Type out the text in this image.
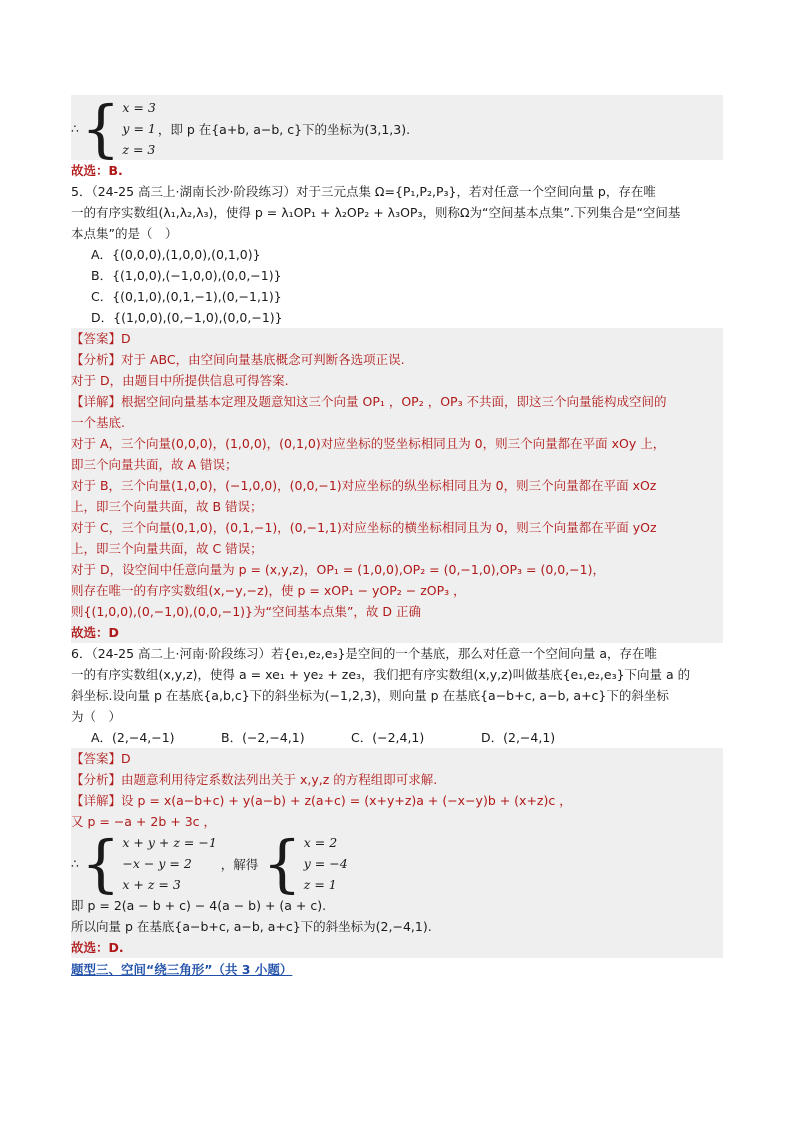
∴ { x = 3
y = 1
z = 3
，即 p 在{a+b, a−b, c}下的坐标为(3,1,3).
故选：B.
5．（24-25 高三上·湖南长沙·阶段练习）对于三元点集 Ω={P₁,P₂,P₃}，若对任意一个空间向量 p，存在唯
一的有序实数组(λ₁,λ₂,λ₃)，使得 p = λ₁OP₁ + λ₂OP₂ + λ₃OP₃，则称Ω为“空间基本点集”.下列集合是“空间基
本点集”的是（　）
A．{(0,0,0),(1,0,0),(0,1,0)}
B．{(1,0,0),(−1,0,0),(0,0,−1)}
C．{(0,1,0),(0,1,−1),(0,−1,1)}
D．{(1,0,0),(0,−1,0),(0,0,−1)}
【答案】D
【分析】对于 ABC，由空间向量基底概念可判断各选项正误.
对于 D，由题目中所提供信息可得答案.
【详解】根据空间向量基本定理及题意知这三个向量 OP₁ ，OP₂ ，OP₃ 不共面，即这三个向量能构成空间的
一个基底.
对于 A，三个向量(0,0,0)，(1,0,0)，(0,1,0)对应坐标的竖坐标相同且为 0，则三个向量都在平面 xOy 上，
即三个向量共面，故 A 错误；
对于 B，三个向量(1,0,0)，(−1,0,0)，(0,0,−1)对应坐标的纵坐标相同且为 0，则三个向量都在平面 xOz
上，即三个向量共面，故 B 错误；
对于 C，三个向量(0,1,0)，(0,1,−1)，(0,−1,1)对应坐标的横坐标相同且为 0，则三个向量都在平面 yOz
上，即三个向量共面，故 C 错误；
对于 D，设空间中任意向量为 p = (x,y,z)，OP₁ = (1,0,0),OP₂ = (0,−1,0),OP₃ = (0,0,−1)，
则存在唯一的有序实数组(x,−y,−z)，使 p = xOP₁ − yOP₂ − zOP₃ ，
则{(1,0,0),(0,−1,0),(0,0,−1)}为“空间基本点集”，故 D 正确
故选：D
6．（24-25 高二上·河南·阶段练习）若{e₁,e₂,e₃}是空间的一个基底，那么对任意一个空间向量 a，存在唯
一的有序实数组(x,y,z)，使得 a = xe₁ + ye₂ + ze₃，我们把有序实数组(x,y,z)叫做基底{e₁,e₂,e₃}下向量 a 的
斜坐标.设向量 p 在基底{a,b,c}下的斜坐标为(−1,2,3)，则向量 p 在基底{a−b+c, a−b, a+c}下的斜坐标
为（　）
A．(2,−4,−1)	B．(−2,−4,1)	C．(−2,4,1)	D．(2,−4,1)
【答案】D
【分析】由题意利用待定系数法列出关于 x,y,z 的方程组即可求解.
【详解】设 p = x(a−b+c) + y(a−b) + z(a+c) = (x+y+z)a + (−x−y)b + (x+z)c ，
又 p = −a + 2b + 3c ，
∴ { x + y + z = −1
−x − y = 2
x + z = 3
，解得 { x = 2
y = −4
z = 1
即 p = 2(a − b + c) − 4(a − b) + (a + c).
所以向量 p 在基底{a−b+c, a−b, a+c}下的斜坐标为(2,−4,1).
故选：D.
题型三、空间“绕三角形”（共 3 小题）
